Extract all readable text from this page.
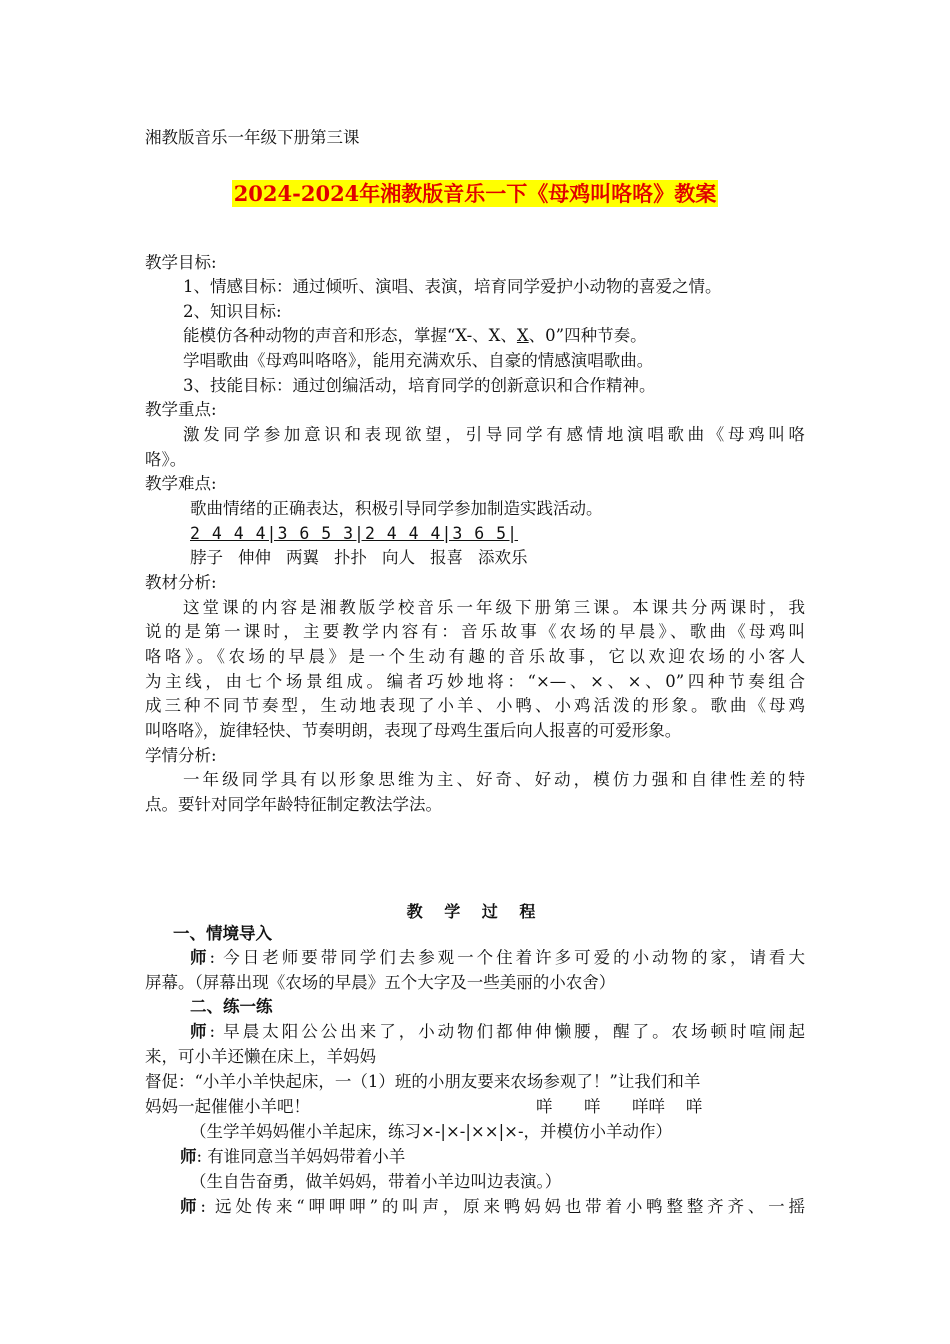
湘教版音乐一年级下册第三课
2024-2024年湘教版音乐一下《母鸡叫咯咯》教案
教学目标:
1、情感目标：通过倾听、演唱、表演，培育同学爱护小动物的喜爱之情。
2、知识目标:
能模仿各种动物的声音和形态，掌握“X-、X、X、0”四种节奏。
学唱歌曲《母鸡叫咯咯》，能用充满欢乐、自豪的情感演唱歌曲。
3、技能目标：通过创编活动，培育同学的创新意识和合作精神。
教学重点:
激发同学参加意识和表现欲望，引导同学有感情地演唱歌曲《母鸡叫咯
咯》。
教学难点:
歌曲情绪的正确表达，积极引导同学参加制造实践活动。
2 4 4 4|3 6 5 3|2 4 4 4|3 6 5|
脖子 伸伸 两翼 扑扑 向人 报喜 添欢乐
教材分析:
这堂课的内容是湘教版学校音乐一年级下册第三课。本课共分两课时，我
说的是第一课时，主要教学内容有：音乐故事《农场的早晨》、歌曲《母鸡叫
咯咯》。《农场的早晨》是一个生动有趣的音乐故事，它以欢迎农场的小客人
为主线，由七个场景组成。编者巧妙地将：“×—、×、×、0”四种节奏组合
成三种不同节奏型，生动地表现了小羊、小鸭、小鸡活泼的形象。歌曲《母鸡
叫咯咯》，旋律轻快、节奏明朗，表现了母鸡生蛋后向人报喜的可爱形象。
学情分析:
一年级同学具有以形象思维为主、好奇、好动，模仿力强和自律性差的特
点。要针对同学年龄特征制定教法学法。
教 学 过 程
一、情境导入
师: 今日老师要带同学们去参观一个住着许多可爱的小动物的家，请看大
屏幕。（屏幕出现《农场的早晨》五个大字及一些美丽的小农舍）
二、练一练
师: 早晨太阳公公出来了，小动物们都伸伸懒腰，醒了。农场顿时喧闹起
来，可小羊还懒在床上，羊妈妈
督促：“小羊小羊快起床，一（1）班的小朋友要来农场参观了！”让我们和羊
妈妈一起催催小羊吧！	咩      咩      咩咩    咩
（生学羊妈妈催小羊起床，练习×-|×-|××|×-，并模仿小羊动作）
师: 有谁同意当羊妈妈带着小羊
（生自告奋勇，做羊妈妈，带着小羊边叫边表演。）
师: 远处传来“呷呷呷”的叫声，原来鸭妈妈也带着小鸭整整齐齐、一摇
